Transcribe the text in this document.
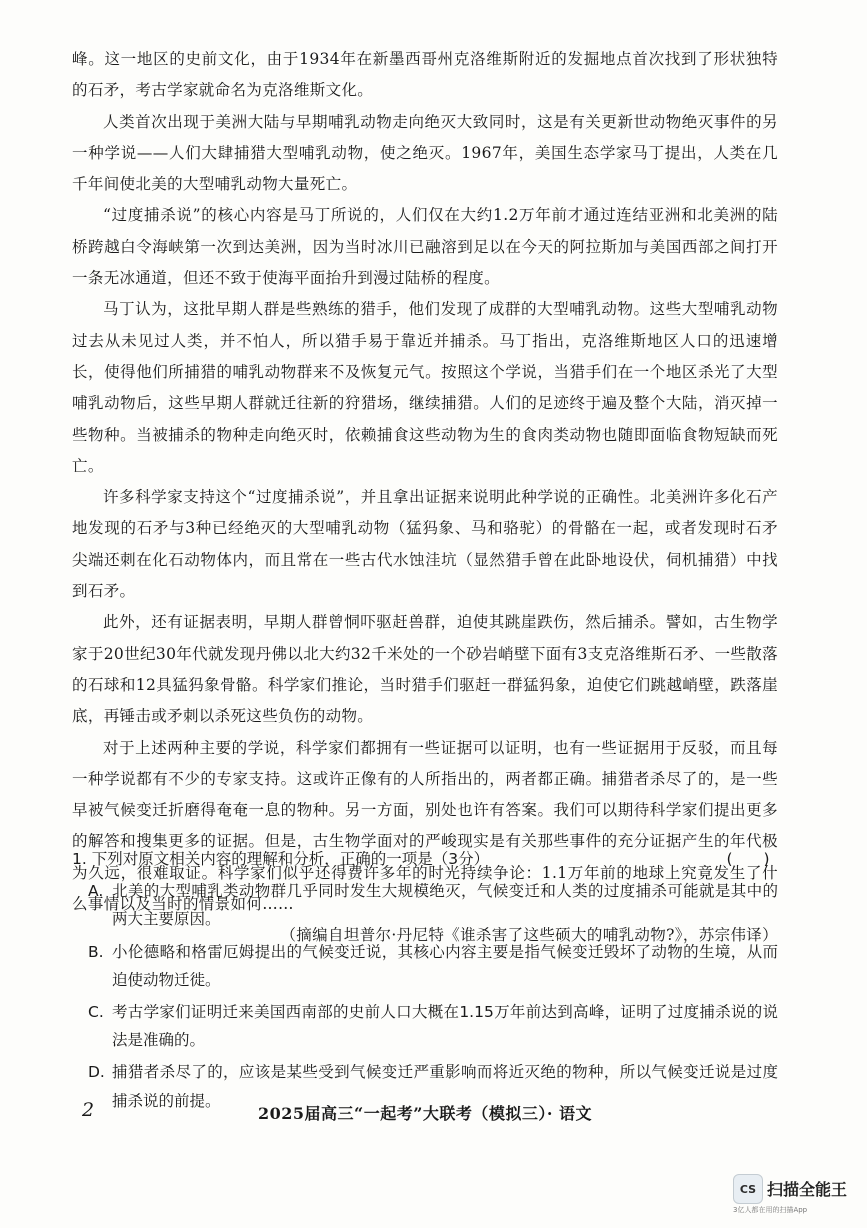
峰。这一地区的史前文化，由于1934年在新墨西哥州克洛维斯附近的发掘地点首次找到了形状独特的石矛，考古学家就命名为克洛维斯文化。

人类首次出现于美洲大陆与早期哺乳动物走向绝灭大致同时，这是有关更新世动物绝灭事件的另一种学说——人们大肆捕猎大型哺乳动物，使之绝灭。1967年，美国生态学家马丁提出，人类在几千年间使北美的大型哺乳动物大量死亡。

“过度捕杀说”的核心内容是马丁所说的，人们仅在大约1.2万年前才通过连结亚洲和北美洲的陆桥跨越白令海峡第一次到达美洲，因为当时冰川已融溶到足以在今天的阿拉斯加与美国西部之间打开一条无冰通道，但还不致于使海平面抬升到漫过陆桥的程度。

马丁认为，这批早期人群是些熟练的猎手，他们发现了成群的大型哺乳动物。这些大型哺乳动物过去从未见过人类，并不怕人，所以猎手易于靠近并捕杀。马丁指出，克洛维斯地区人口的迅速增长，使得他们所捕猎的哺乳动物群来不及恢复元气。按照这个学说，当猎手们在一个地区杀光了大型哺乳动物后，这些早期人群就迁往新的狩猎场，继续捕猎。人们的足迹终于遍及整个大陆，消灭掉一些物种。当被捕杀的物种走向绝灭时，依赖捕食这些动物为生的食肉类动物也随即面临食物短缺而死亡。

许多科学家支持这个“过度捕杀说”，并且拿出证据来说明此种学说的正确性。北美洲许多化石产地发现的石矛与3种已经绝灭的大型哺乳动物（猛犸象、马和骆驼）的骨骼在一起，或者发现时石矛尖端还刺在化石动物体内，而且常在一些古代水蚀洼坑（显然猎手曾在此卧地设伏，伺机捕猎）中找到石矛。

此外，还有证据表明，早期人群曾恫吓驱赶兽群，迫使其跳崖跌伤，然后捕杀。譬如，古生物学家于20世纪30年代就发现丹佛以北大约32千米处的一个砂岩峭壁下面有3支克洛维斯石矛、一些散落的石球和12具猛犸象骨骼。科学家们推论，当时猎手们驱赶一群猛犸象，迫使它们跳越峭壁，跌落崖底，再锤击或矛刺以杀死这些负伤的动物。

对于上述两种主要的学说，科学家们都拥有一些证据可以证明，也有一些证据用于反驳，而且每一种学说都有不少的专家支持。这或许正像有的人所指出的，两者都正确。捕猎者杀尽了的，是一些早被气候变迁折磨得奄奄一息的物种。另一方面，别处也许有答案。我们可以期待科学家们提出更多的解答和搜集更多的证据。但是，古生物学面对的严峻现实是有关那些事件的充分证据产生的年代极为久远，很难取证。科学家们似乎还得费许多年的时光持续争论：1.1万年前的地球上究竟发生了什么事情以及当时的情景如何……

（摘编自坦普尔·丹尼特《谁杀害了这些硕大的哺乳动物?》，苏宗伟译）

1. 下列对原文相关内容的理解和分析，正确的一项是（3分）	(　　)
A. 北美的大型哺乳类动物群几乎同时发生大规模绝灭，气候变迁和人类的过度捕杀可能就是其中的两大主要原因。
B. 小伦德略和格雷厄姆提出的气候变迁说，其核心内容主要是指气候变迁毁坏了动物的生境，从而迫使动物迁徙。
C. 考古学家们证明迁来美国西南部的史前人口大概在1.15万年前达到高峰，证明了过度捕杀说的说法是准确的。
D. 捕猎者杀尽了的，应该是某些受到气候变迁严重影响而将近灭绝的物种，所以气候变迁说是过度捕杀说的前提。
2	2025届高三“一起考”大联考（模拟三）· 语文
CS 扫描全能王
3亿人都在用的扫描App
